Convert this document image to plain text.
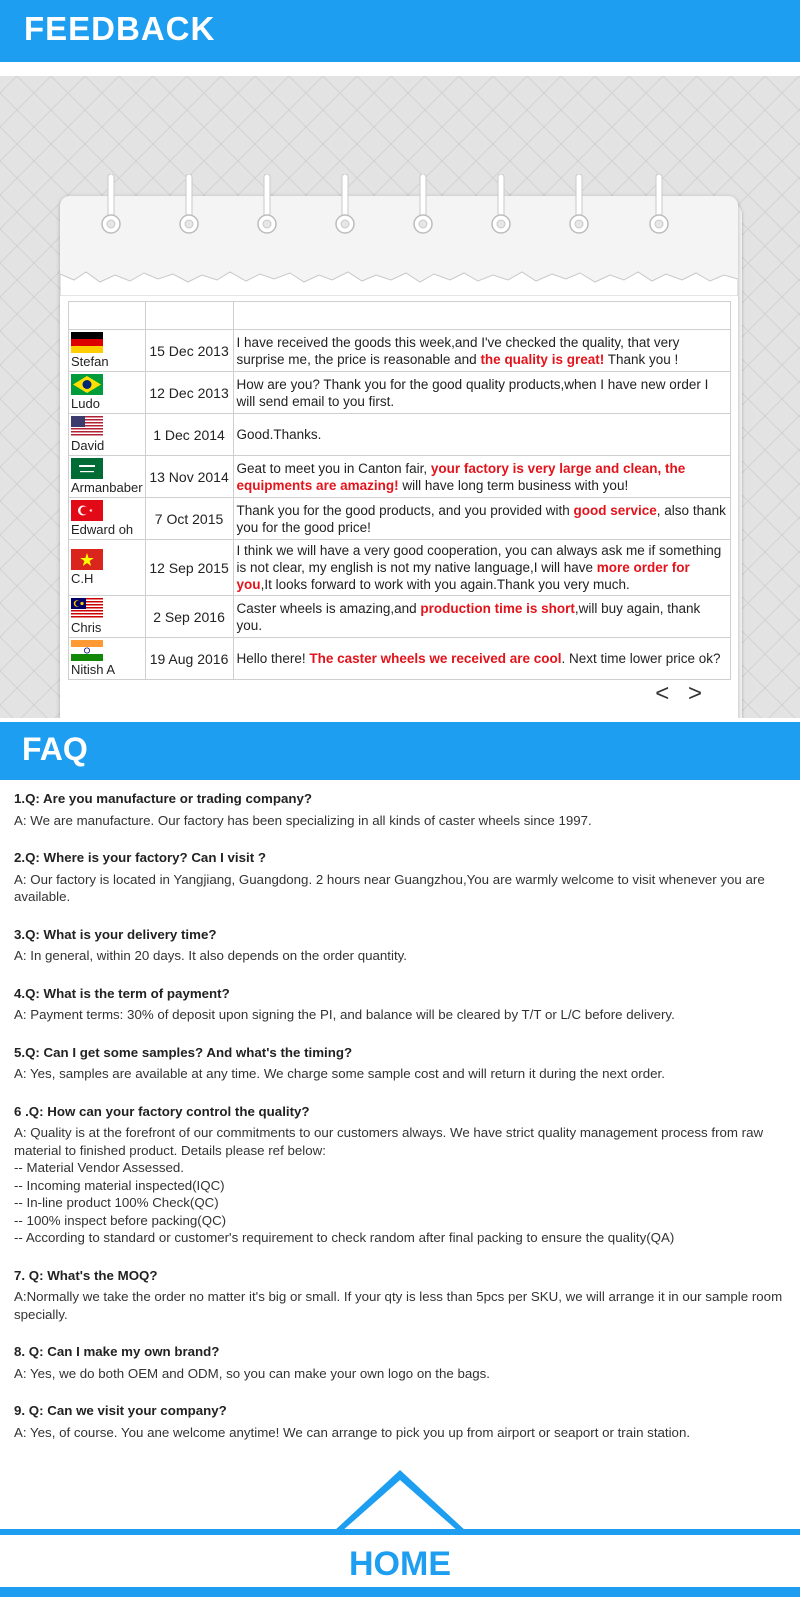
FEEDBACK

Stefan	15 Dec 2013	I have received the goods this week,and I've checked the quality, that very surprise me, the price is reasonable and the quality is great! Thank you !

Ludo	12 Dec 2013	How are you? Thank you for the good quality products,when I have new order I will send email to you first.

David	1 Dec 2014	Good.Thanks.

Armanbaber	13 Nov 2014	Geat to meet you in Canton fair, your factory is very large and clean, the equipments are amazing! will have long term business with you!

Edward oh	7 Oct 2015	Thank you for the good products, and you provided with good service, also thank you for the good price!

C.H	12 Sep 2015	I think we will have a very good cooperation, you can always ask me if something is not clear, my english is not my native language,I will have more order for you,It looks forward to work with you again.Thank you very much.

Chris	2 Sep 2016	Caster wheels is amazing,and production time is short,will buy again, thank you.

Nitish A	19 Aug 2016	Hello there! The caster wheels we received are cool. Next time lower price ok?
< >
FAQ
1.Q: Are you manufacture or trading company?
A: We are manufacture. Our factory has been specializing in all kinds of caster wheels since 1997.
2.Q: Where is your factory? Can I visit ?
A: Our factory is located in Yangjiang, Guangdong. 2 hours near Guangzhou,You are warmly welcome to visit whenever you are available.
3.Q: What is your delivery time?
A: In general, within 20 days. It also depends on the order quantity.
4.Q: What is the term of payment?
A: Payment terms: 30% of deposit upon signing the PI, and balance will be cleared by T/T or L/C before delivery.
5.Q: Can I get some samples? And what's the timing?
A: Yes, samples are available at any time. We charge some sample cost and will return it during the next order.
6 .Q: How can your factory control the quality?
A: Quality is at the forefront of our commitments to our customers always. We have strict quality management process from raw
material to finished product. Details please ref below:
-- Material Vendor Assessed.
-- Incoming material inspected(IQC)
-- In-line product 100% Check(QC)
-- 100% inspect before packing(QC)
-- According to standard or customer's requirement to check random after final packing to ensure the quality(QA)
7. Q: What's the MOQ?
A:Normally we take the order no matter it's big or small. If your qty is less than 5pcs per SKU, we will arrange it in our sample room specially.
8. Q: Can I make my own brand?
A: Yes, we do both OEM and ODM, so you can make your own logo on the bags.
9. Q: Can we visit your company?
A: Yes, of course. You ane welcome anytime! We can arrange to pick you up from airport or seaport or train station.
HOME
